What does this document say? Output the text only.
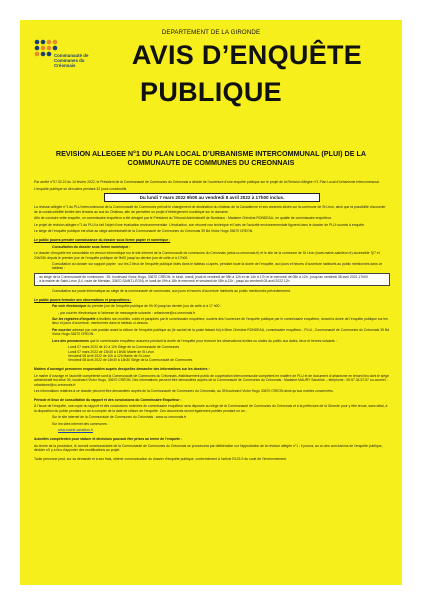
DEPARTEMENT DE LA GIRONDE
Communauté de Communes du Créonnais	AVIS D’ENQUÊTE
PUBLIQUE
REVISION ALLEGEE N°1 DU PLAN LOCAL D’URBANISME INTERCOMMUNAL (PLUI) DE LA
COMMUNAUTE DE COMMUNES DU CREONNAIS

Par arrêté n°07.02.22 du 14 février 2022, le Président de la Communauté de Communes du Créonnais a décidé de l’ouverture d’une enquête publique sur le projet de la Révision Allégée n°1 Plan Local d’Urbanisme Intercommunal.

L’enquête publique se déroulera pendant 32 jours consécutifs

Du lundi 7 mars 2022 9h00 au vendredi 8 avril 2022 à 17h00 inclus.

La révision allégée n°1 du PLU intercommunal de la Communauté de Communes prévoit le changement de destination du château de la Canadienne et ses annexes situés sur la commune de St Léon, ainsi que la possibilité d’accorder de la constructibilité limitée des terrains au sud du Château, afin de permettre un projet d’hébergement touristique sur le domaine.

Afin de conduire cette enquête, un commissaire enquêteur a été désigné par le Président du Tribunal Administratif de Bordeaux : Madame Christine RONDEAU, en qualité de commissaire enquêteur.

Le projet de révision allégée n°1 du PLUi a fait l’objet d’une évaluation environnementale. L’évaluation, son résumé non technique et l’avis de l’autorité environnementale figurent dans le dossier de PLUi soumis à enquête.

Le siège de l’enquête publique est situé au siège administratif de la Communauté de Communes du Créonnais 39 Bd Victor Hugo 33670 CREON.

Le public pourra prendre connaissance du dossier sous forme papier et numérique :

Consultation du dossier sous forme numérique :

Le dossier d’enquête est consultable en version informatique sur le site internet de la Communauté de communes du Créonnais (www.cc-creonnais.fr) et le site de la commune de St Léon (www.mairie-saintleon.fr) accessible 7j/7 et 24h/24h depuis le premier jour de l’enquête publique de 9h00 jusqu’au dernier jour de celle-ci à 17h00.

Consultation du dossier sur support papier : sur les 2 lieux de l’enquête publique listés dans le tableau ci-après, pendant toute la durée de l’enquête, aux jours et heures d’ouverture habituels au public mentionnés dans ce tableau :

- au siège de la Communauté de communes : 39, boulevard Victor-Hugo, 33670 CRÉON, le lundi, mardi, jeudi et vendredi de 08h à 12h et de 14h à 17h et le mercredi de 08h à 12h ; jusqu’au vendredi 08 avril 2022 17h00
- à la mairie de Saint-Léon (14, route de Meridan, 33670 SAINT-LÉON), le lundi de 09h à 18h le mercredi et vendredi de 08h à 12h ; jusqu’au vendredi 08 avril 2022 12h

Consultation sur poste informatique au siège de la communauté de communes, aux jours et heures d’ouverture habituels au public mentionnés précédemment.

Le public pourra formuler ses observations et propositions :

Par voie électronique du premier jour de l’enquête publique de 9h 00 jusqu’au dernier jour de celle-ci à 17 h00 :

- par courrier électronique à l’adresse de messagerie suivante : urbanisme@cc-creonnais.fr

Sur les registres d’enquête à feuillets non mobiles, cotés et paraphés par le commissaire enquêteur, ouverts dès l’ouverture de l’enquête publique par le commissaire enquêteur, durant la durée de l’enquête publique sur les lieux et jours d’ouverture, mentionnés dans le tableau ci-dessus.

Par courrier adressé par voie postale avant la clôture de l’enquête publique au (le cachet de la poste faisant foi) à Mme Christine RONDEAU, commissaire enquêteur - PLUi - Communauté de Communes du Créonnais 39 Bd Victor Hugo 33670 CREON.

Lors des permanences que le commissaire enquêteur assurera pendant la durée de l’enquête pour recevoir les observations écrites ou orales du public aux dates, lieux et heures suivants :

Lundi 07 mars 2022 de 10 à 12h Siège de la Communauté de Communes
Lundi 07 mars 2022 de 13h30 à 15h30 Mairie de St Léon
Vendredi 08 Avril 2022 de 10h à 12h Mairie de St Léon
Vendredi 08 Avril 2022 de 14h30 à 16h30 Siège de la Communauté de Communes

Maîtres d’ouvrage/ personnes responsables auprès desquelles demander des informations sur les dossiers :

Le maître d’ouvrage et l’autorité compétente sont la Communauté de Communes du Créonnais, établissement public de coopération intercommunale compétent en matière de PLU et de document d’urbanisme en tenant lieu dont le siège administratif est situé 39, boulevard Victor Hugo, 33670 CRÉON. Des informations peuvent être demandées auprès de la Communauté de Communes du Créonnais : Madame MAURY Sandrine – téléphone : 05.57.34.57.57 ou courriel : urbanisme@cc-creonnais.fr

Les informations relatives à ce dossier peuvent être demandées auprès de la Communauté de Communes du Créonnais, au 39 boulevard Victor Hugo 33670 CREON ainsi qu’aux mairies concernées.

Période et lieux de consultation du rapport et des conclusions du Commissaire Enquêteur :

À l’issue de l’enquête, une copie du rapport et des conclusions motivées du commissaire enquêteur sera déposée au siège de la Communauté de Communes du Créonnais et à la préfecture de la Gironde pour y être tenue, sans délai, à la disposition du public pendant un an à compter de la date de clôture de l’enquête. Ces documents seront également publiés pendant un an :

Sur le site internet de la Communauté de Communes du Créonnais : www.cc-creonnais.fr

Sur les sites internet des communes :

www.mairie-saintleon.fr

Autorités compétentes pour statuer et décisions pouvant être prises au terme de l’enquête :

Au terme de la procédure, le conseil communautaire de la Communauté de Communes du Créonnais se prononcera par délibération sur l’approbation de la révision allégée n°1 ; il pourra, au vu des conclusions de l’enquête publique, décider s’il y a lieu d’apporter des modifications au projet.

Toute personne peut, sur sa demande et à ses frais, obtenir communication du dossier d’enquête publique, conformément à l’article R123-9 du code de l’environnement.
